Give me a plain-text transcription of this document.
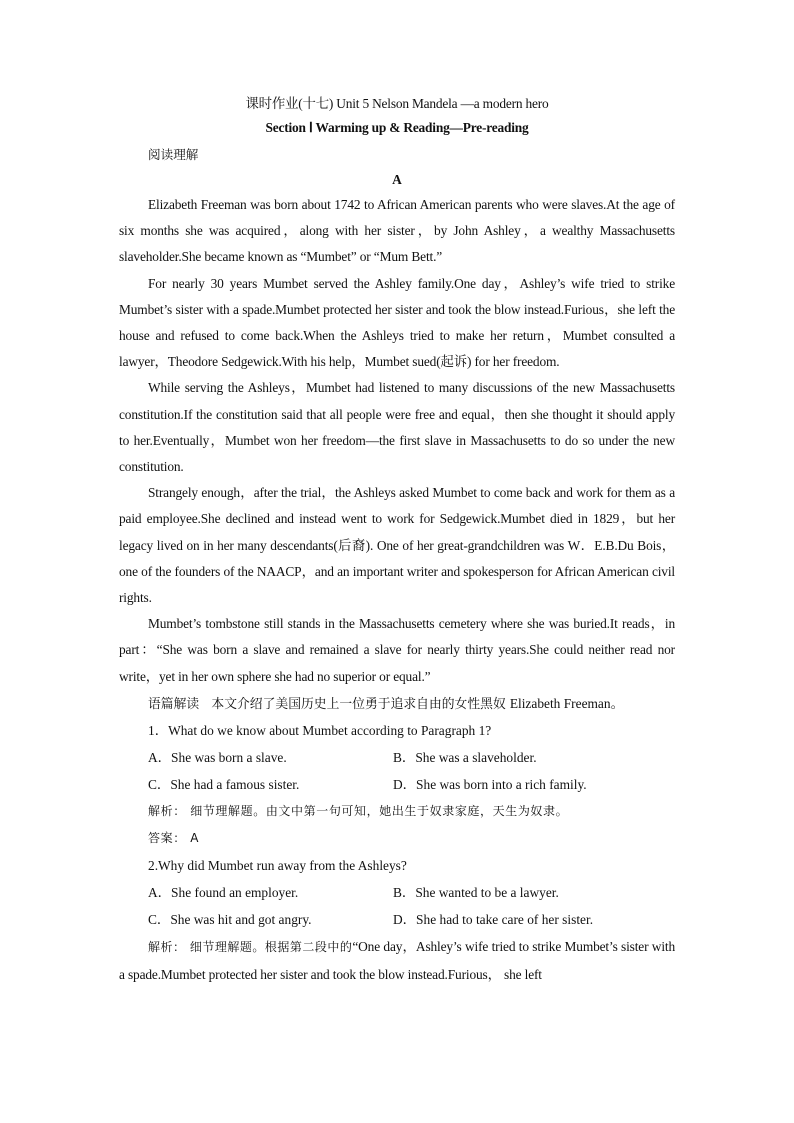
课时作业(十七) Unit 5 Nelson Mandela —a modern hero
Section Ⅰ Warming up & Reading—Pre-reading
阅读理解
A
Elizabeth Freeman was born about 1742 to African American parents who were slaves.At the age of six months she was acquired，along with her sister，by John Ashley，a wealthy Massachusetts slaveholder.She became known as “Mumbet” or “Mum Bett.”
For nearly 30 years Mumbet served the Ashley family.One day，Ashley’s wife tried to strike Mumbet’s sister with a spade.Mumbet protected her sister and took the blow instead.Furious，she left the house and refused to come back.When the Ashleys tried to make her return，Mumbet consulted a lawyer，Theodore Sedgewick.With his help，Mumbet sued(起诉) for her freedom.
While serving the Ashleys，Mumbet had listened to many discussions of the new Massachusetts constitution.If the constitution said that all people were free and equal，then she thought it should apply to her.Eventually，Mumbet won her freedom—the first slave in Massachusetts to do so under the new constitution.
Strangely enough，after the trial，the Ashleys asked Mumbet to come back and work for them as a paid employee.She declined and instead went to work for Sedgewick.Mumbet died in 1829，but her legacy lived on in her many descendants(后裔). One of her great-grandchildren was W．E.B.Du Bois，one of the founders of the NAACP，and an important writer and spokesperson for African American civil rights.
Mumbet’s tombstone still stands in the Massachusetts cemetery where she was buried.It reads，in part：“She was born a slave and remained a slave for nearly thirty years.She could neither read nor write，yet in her own sphere she had no superior or equal.”
语篇解读 本文介绍了美国历史上一位勇于追求自由的女性黑奴 Elizabeth Freeman。
1．What do we know about Mumbet according to Paragraph 1?
A．She was born a slave.	B．She was a slaveholder.
C．She had a famous sister.	D．She was born into a rich family.
解析： 细节理解题。由文中第一句可知，她出生于奴隶家庭，天生为奴隶。
答案： A
2.Why did Mumbet run away from the Ashleys?
A．She found an employer.	B．She wanted to be a lawyer.
C．She was hit and got angry.	D．She had to take care of her sister.
解析： 细节理解题。根据第二段中的“One day，Ashley’s wife tried to strike Mumbet’s sister with a spade.Mumbet protected her sister and took the blow instead.Furious， she left
